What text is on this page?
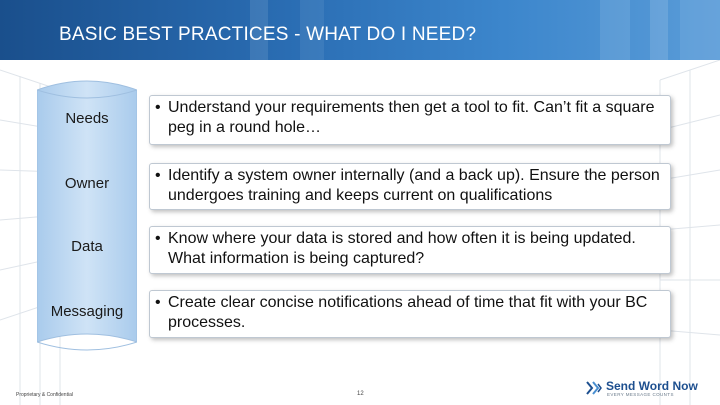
BASIC BEST PRACTICES - WHAT DO I NEED?
Needs
Owner
Data
Messaging
• Understand your requirements then get a tool to fit. Can’t fit a square peg in a round hole…
• Identify a system owner internally (and a back up). Ensure the person undergoes training and keeps current on qualifications
• Know where your data is stored and how often it is being updated. What information is being captured?
• Create clear concise notifications ahead of time that fit with your BC processes.
Proprietary & Confidential	12
Send Word Now
EVERY MESSAGE COUNTS
